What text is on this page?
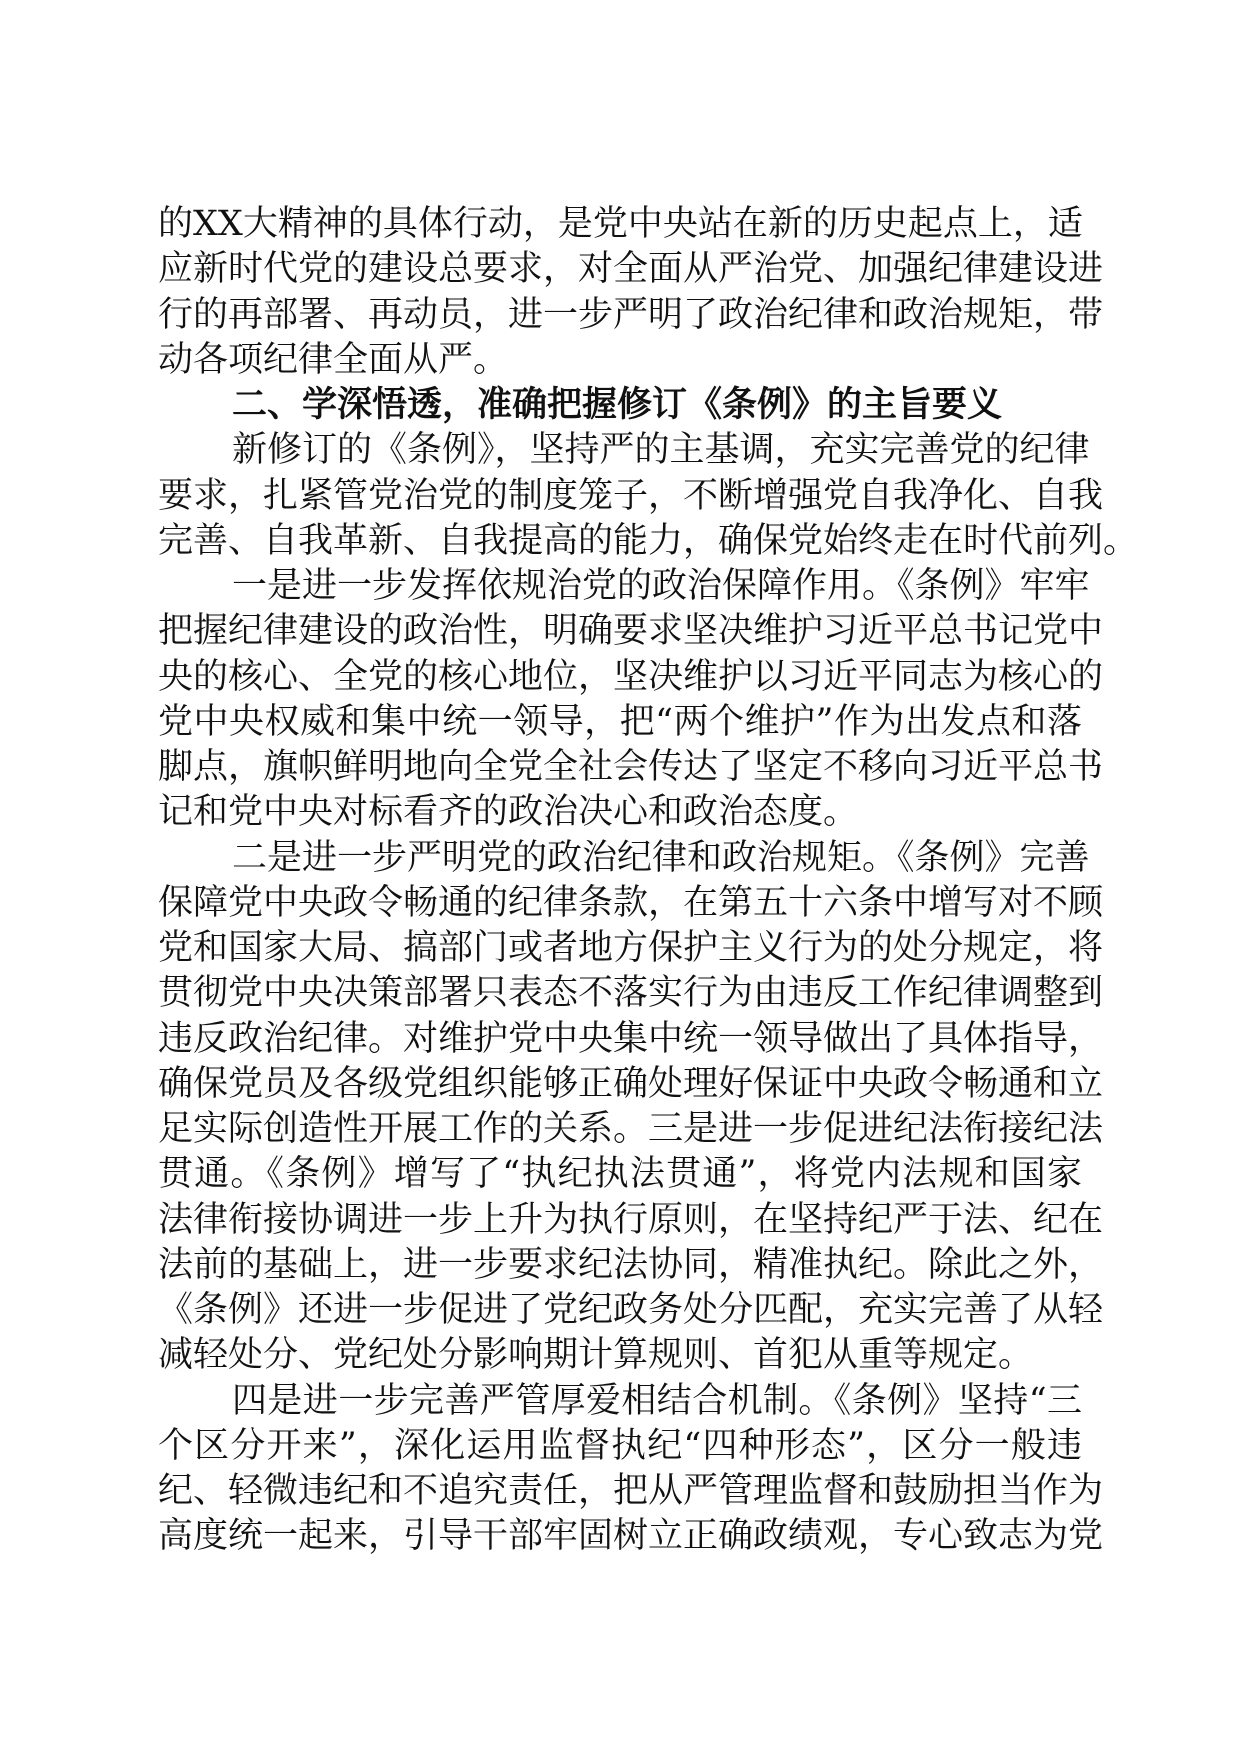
的XX大精神的具体行动，是党中央站在新的历史起点上，适
应新时代党的建设总要求，对全面从严治党、加强纪律建设进
行的再部署、再动员，进一步严明了政治纪律和政治规矩，带
动各项纪律全面从严。
二、学深悟透，准确把握修订《条例》的主旨要义
新修订的《条例》，坚持严的主基调，充实完善党的纪律
要求，扎紧管党治党的制度笼子，不断增强党自我净化、自我
完善、自我革新、自我提高的能力，确保党始终走在时代前列。
一是进一步发挥依规治党的政治保障作用。《条例》牢牢
把握纪律建设的政治性，明确要求坚决维护习近平总书记党中
央的核心、全党的核心地位，坚决维护以习近平同志为核心的
党中央权威和集中统一领导，把“两个维护”作为出发点和落
脚点，旗帜鲜明地向全党全社会传达了坚定不移向习近平总书
记和党中央对标看齐的政治决心和政治态度。
二是进一步严明党的政治纪律和政治规矩。《条例》完善
保障党中央政令畅通的纪律条款，在第五十六条中增写对不顾
党和国家大局、搞部门或者地方保护主义行为的处分规定，将
贯彻党中央决策部署只表态不落实行为由违反工作纪律调整到
违反政治纪律。对维护党中央集中统一领导做出了具体指导，
确保党员及各级党组织能够正确处理好保证中央政令畅通和立
足实际创造性开展工作的关系。三是进一步促进纪法衔接纪法
贯通。《条例》增写了“执纪执法贯通”，将党内法规和国家
法律衔接协调进一步上升为执行原则，在坚持纪严于法、纪在
法前的基础上，进一步要求纪法协同，精准执纪。除此之外，
《条例》还进一步促进了党纪政务处分匹配，充实完善了从轻
减轻处分、党纪处分影响期计算规则、首犯从重等规定。
四是进一步完善严管厚爱相结合机制。《条例》坚持“三
个区分开来”，深化运用监督执纪“四种形态”，区分一般违
纪、轻微违纪和不追究责任，把从严管理监督和鼓励担当作为
高度统一起来，引导干部牢固树立正确政绩观，专心致志为党
